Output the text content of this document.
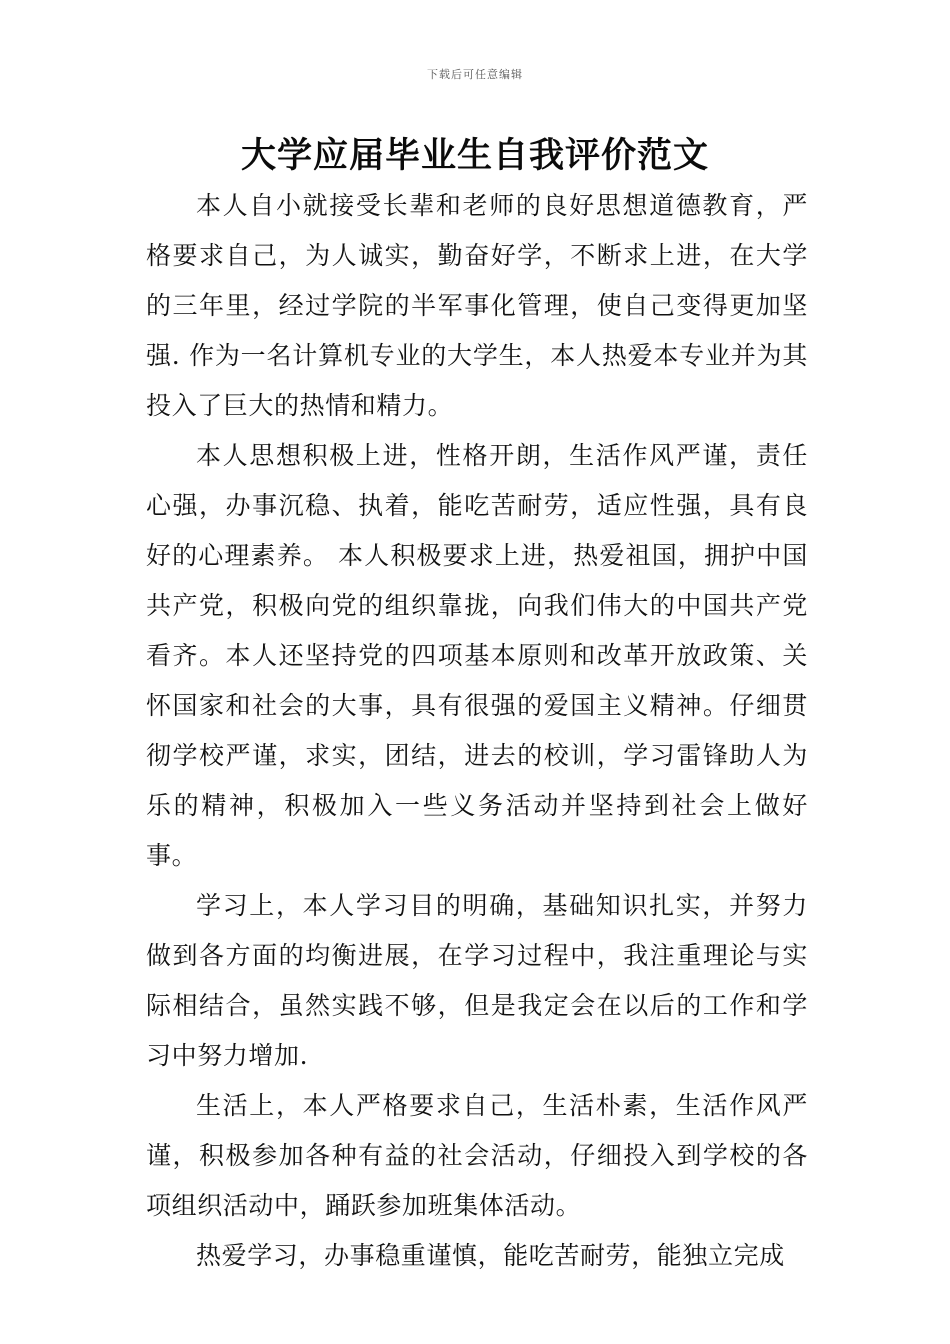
下载后可任意编辑
大学应届毕业生自我评价范文

本人自小就接受长辈和老师的良好思想道德教育，严格要求自己，为人诚实，勤奋好学，不断求上进，在大学的三年里，经过学院的半军事化管理，使自己变得更加坚强. 作为一名计算机专业的大学生，本人热爱本专业并为其投入了巨大的热情和精力。

本人思想积极上进，性格开朗，生活作风严谨，责任心强，办事沉稳、执着，能吃苦耐劳，适应性强，具有良好的心理素养。 本人积极要求上进，热爱祖国，拥护中国共产党，积极向党的组织靠拢，向我们伟大的中国共产党看齐。本人还坚持党的四项基本原则和改革开放政策、关怀国家和社会的大事，具有很强的爱国主义精神。仔细贯彻学校严谨，求实，团结，进去的校训，学习雷锋助人为乐的精神，积极加入一些义务活动并坚持到社会上做好事。

学习上，本人学习目的明确，基础知识扎实，并努力做到各方面的均衡进展，在学习过程中，我注重理论与实际相结合，虽然实践不够，但是我定会在以后的工作和学习中努力增加.

生活上，本人严格要求自己，生活朴素，生活作风严谨，积极参加各种有益的社会活动，仔细投入到学校的各项组织活动中，踊跃参加班集体活动。

热爱学习，办事稳重谨慎，能吃苦耐劳，能独立完成
